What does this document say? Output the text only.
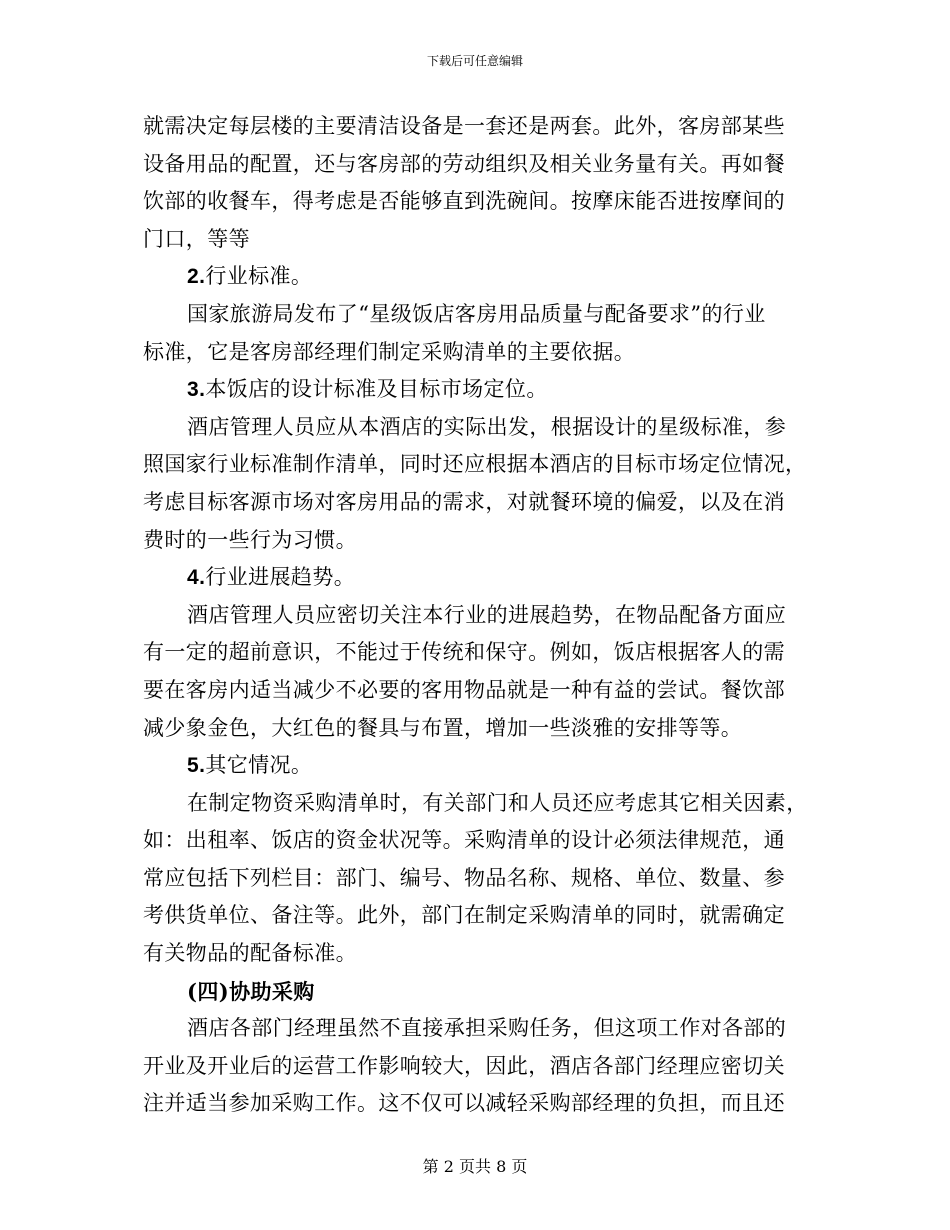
下载后可任意编辑
就需决定每层楼的主要清洁设备是一套还是两套。此外，客房部某些
设备用品的配置，还与客房部的劳动组织及相关业务量有关。再如餐
饮部的收餐车，得考虑是否能够直到洗碗间。按摩床能否进按摩间的
门口，等等
2.行业标准。
国家旅游局发布了“星级饭店客房用品质量与配备要求”的行业
标准，它是客房部经理们制定采购清单的主要依据。
3.本饭店的设计标准及目标市场定位。
酒店管理人员应从本酒店的实际出发，根据设计的星级标准，参
照国家行业标准制作清单，同时还应根据本酒店的目标市场定位情况，
考虑目标客源市场对客房用品的需求，对就餐环境的偏爱，以及在消
费时的一些行为习惯。
4.行业进展趋势。
酒店管理人员应密切关注本行业的进展趋势，在物品配备方面应
有一定的超前意识，不能过于传统和保守。例如，饭店根据客人的需
要在客房内适当减少不必要的客用物品就是一种有益的尝试。餐饮部
减少象金色，大红色的餐具与布置，增加一些淡雅的安排等等。
5.其它情况。
在制定物资采购清单时，有关部门和人员还应考虑其它相关因素，
如：出租率、饭店的资金状况等。采购清单的设计必须法律规范，通
常应包括下列栏目：部门、编号、物品名称、规格、单位、数量、参
考供货单位、备注等。此外，部门在制定采购清单的同时，就需确定
有关物品的配备标准。
(四)协助采购
酒店各部门经理虽然不直接承担采购任务，但这项工作对各部的
开业及开业后的运营工作影响较大，因此，酒店各部门经理应密切关
注并适当参加采购工作。这不仅可以减轻采购部经理的负担，而且还
第 2 页共 8 页
